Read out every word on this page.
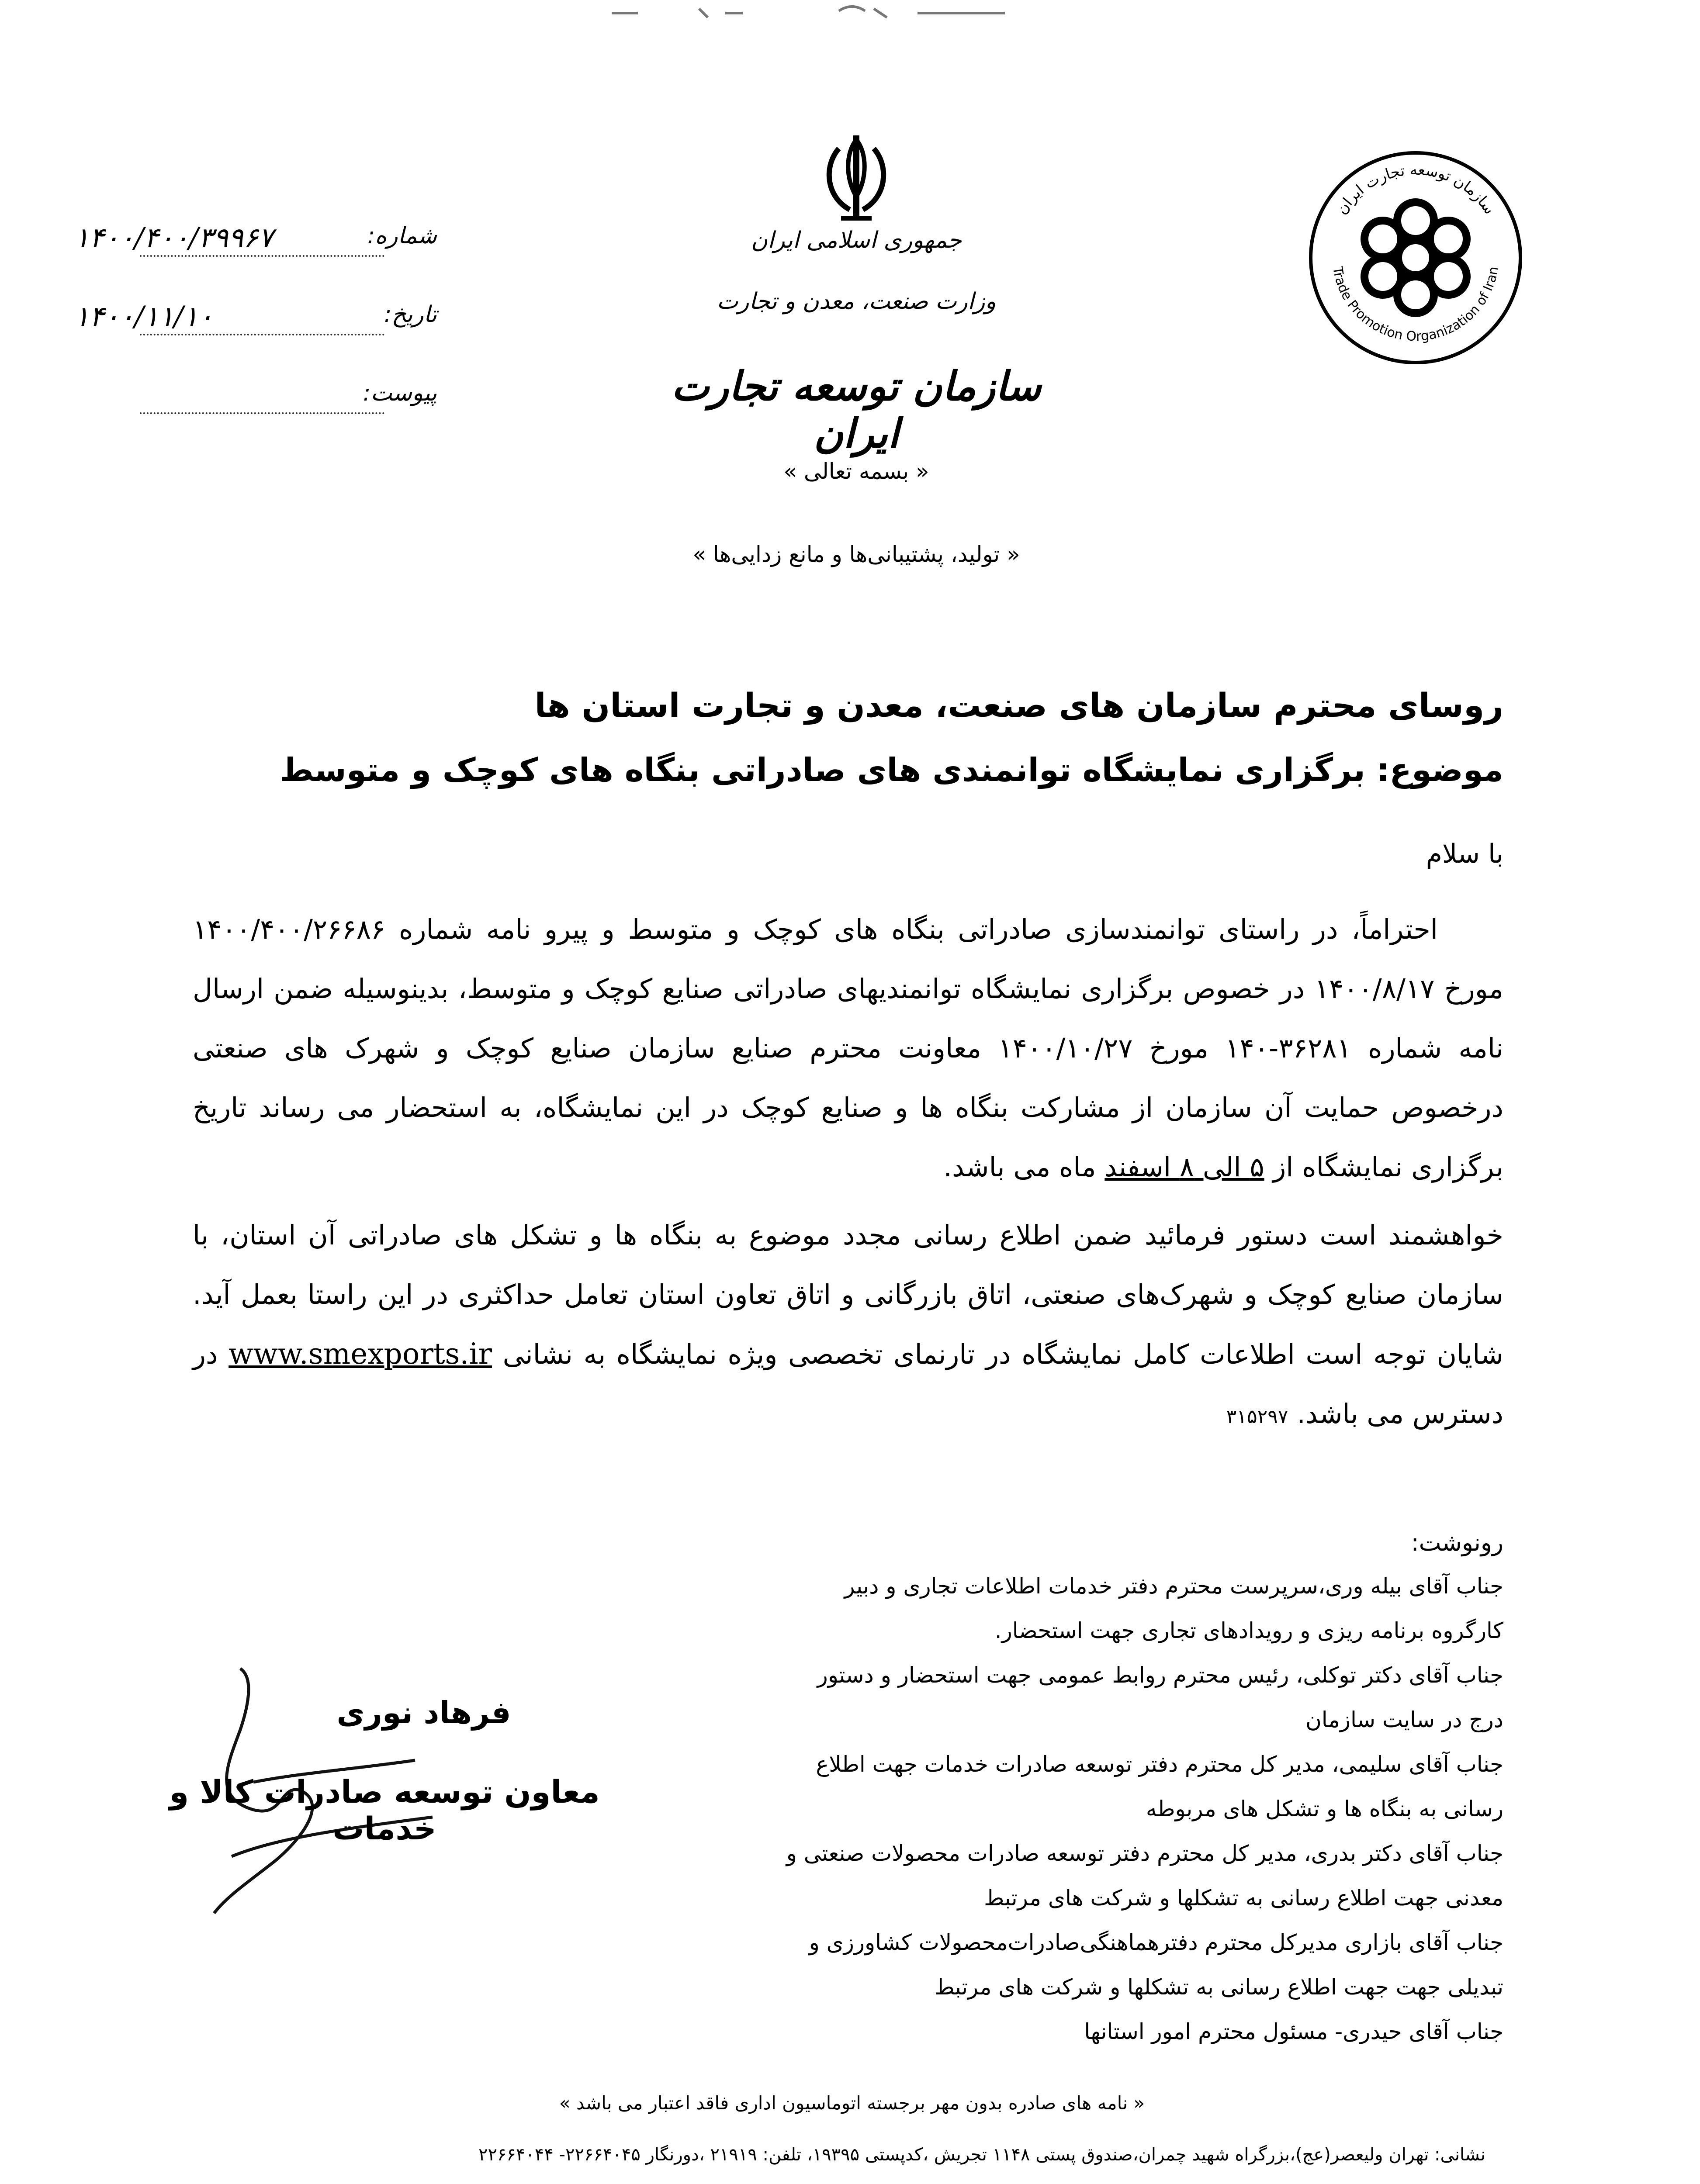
شماره:
۱۴۰۰/۴۰۰/۳۹۹۶۷
تاریخ:
۱۴۰۰/۱۱/۱۰
پیوست:
جمهوری اسلامی ایران
وزارت صنعت، معدن و تجارت
سازمان توسعه تجارت ایران
سازمان توسعه تجارت ایران
Trade Promotion Organization of Iran
« بسمه تعالی »
« تولید، پشتیبانی‌ها و مانع زدایی‌ها »
روسای محترم سازمان های صنعت، معدن و تجارت استان ها
موضوع: برگزاری نمایشگاه توانمندی های صادراتی بنگاه های کوچک و متوسط
با سلام
احتراماً، در راستای توانمندسازی صادراتی بنگاه های کوچک و متوسط و پیرو نامه شماره ۱۴۰۰/۴۰۰/۲۶۶۸۶ مورخ ۱۴۰۰/۸/۱۷ در خصوص برگزاری نمایشگاه توانمندیهای صادراتی صنایع کوچک و متوسط، بدینوسیله ضمن ارسال نامه شماره ۳۶۲۸۱-۱۴۰ مورخ ۱۴۰۰/۱۰/۲۷ معاونت محترم صنایع سازمان صنایع کوچک و شهرک های صنعتی درخصوص حمایت آن سازمان از مشارکت بنگاه ها و صنایع کوچک در این نمایشگاه، به استحضار می رساند تاریخ برگزاری نمایشگاه از ۵ الی ۸ اسفند ماه می باشد.
خواهشمند است دستور فرمائید ضمن اطلاع رسانی مجدد موضوع به بنگاه ها و تشکل های صادراتی آن استان، با سازمان صنایع کوچک و شهرک‌های صنعتی، اتاق بازرگانی و اتاق تعاون استان تعامل حداکثری در این راستا بعمل آید. شایان توجه است اطلاعات کامل نمایشگاه در تارنمای تخصصی ویژه نمایشگاه به نشانی www.smexports.ir در دسترس می باشد. ۳۱۵۲۹۷
رونوشت:
جناب آقای بیله وری،سرپرست محترم دفتر خدمات اطلاعات تجاری و دبیر کارگروه برنامه ریزی و رویدادهای تجاری جهت استحضار.
جناب آقای دکتر توکلی، رئیس محترم روابط عمومی جهت استحضار و دستور درج در سایت سازمان
جناب آقای سلیمی، مدیر کل محترم دفتر توسعه صادرات خدمات جهت اطلاع رسانی به بنگاه ها و تشکل های مربوطه
جناب آقای دکتر بدری، مدیر کل محترم دفتر توسعه صادرات محصولات صنعتی و معدنی جهت اطلاع رسانی به تشکلها و شرکت های مرتبط
جناب آقای بازاری مدیرکل محترم دفترهماهنگی‌صادرات‌محصولات کشاورزی و تبدیلی جهت جهت اطلاع رسانی به تشکلها و شرکت های مرتبط
جناب آقای حیدری- مسئول محترم امور استانها
فرهاد نوری
معاون توسعه صادرات کالا و خدمات
« نامه های صادره بدون مهر برجسته اتوماسیون اداری فاقد اعتبار می باشد »
نشانی: تهران ولیعصر(عج)،بزرگراه شهید چمران،صندوق پستی ۱۱۴۸ تجریش ،کدپستی ۱۹۳۹۵، تلفن: ۲۱۹۱۹ ،دورنگار ۲۲۶۶۴۰۴۵- ۲۲۶۶۴۰۴۴
